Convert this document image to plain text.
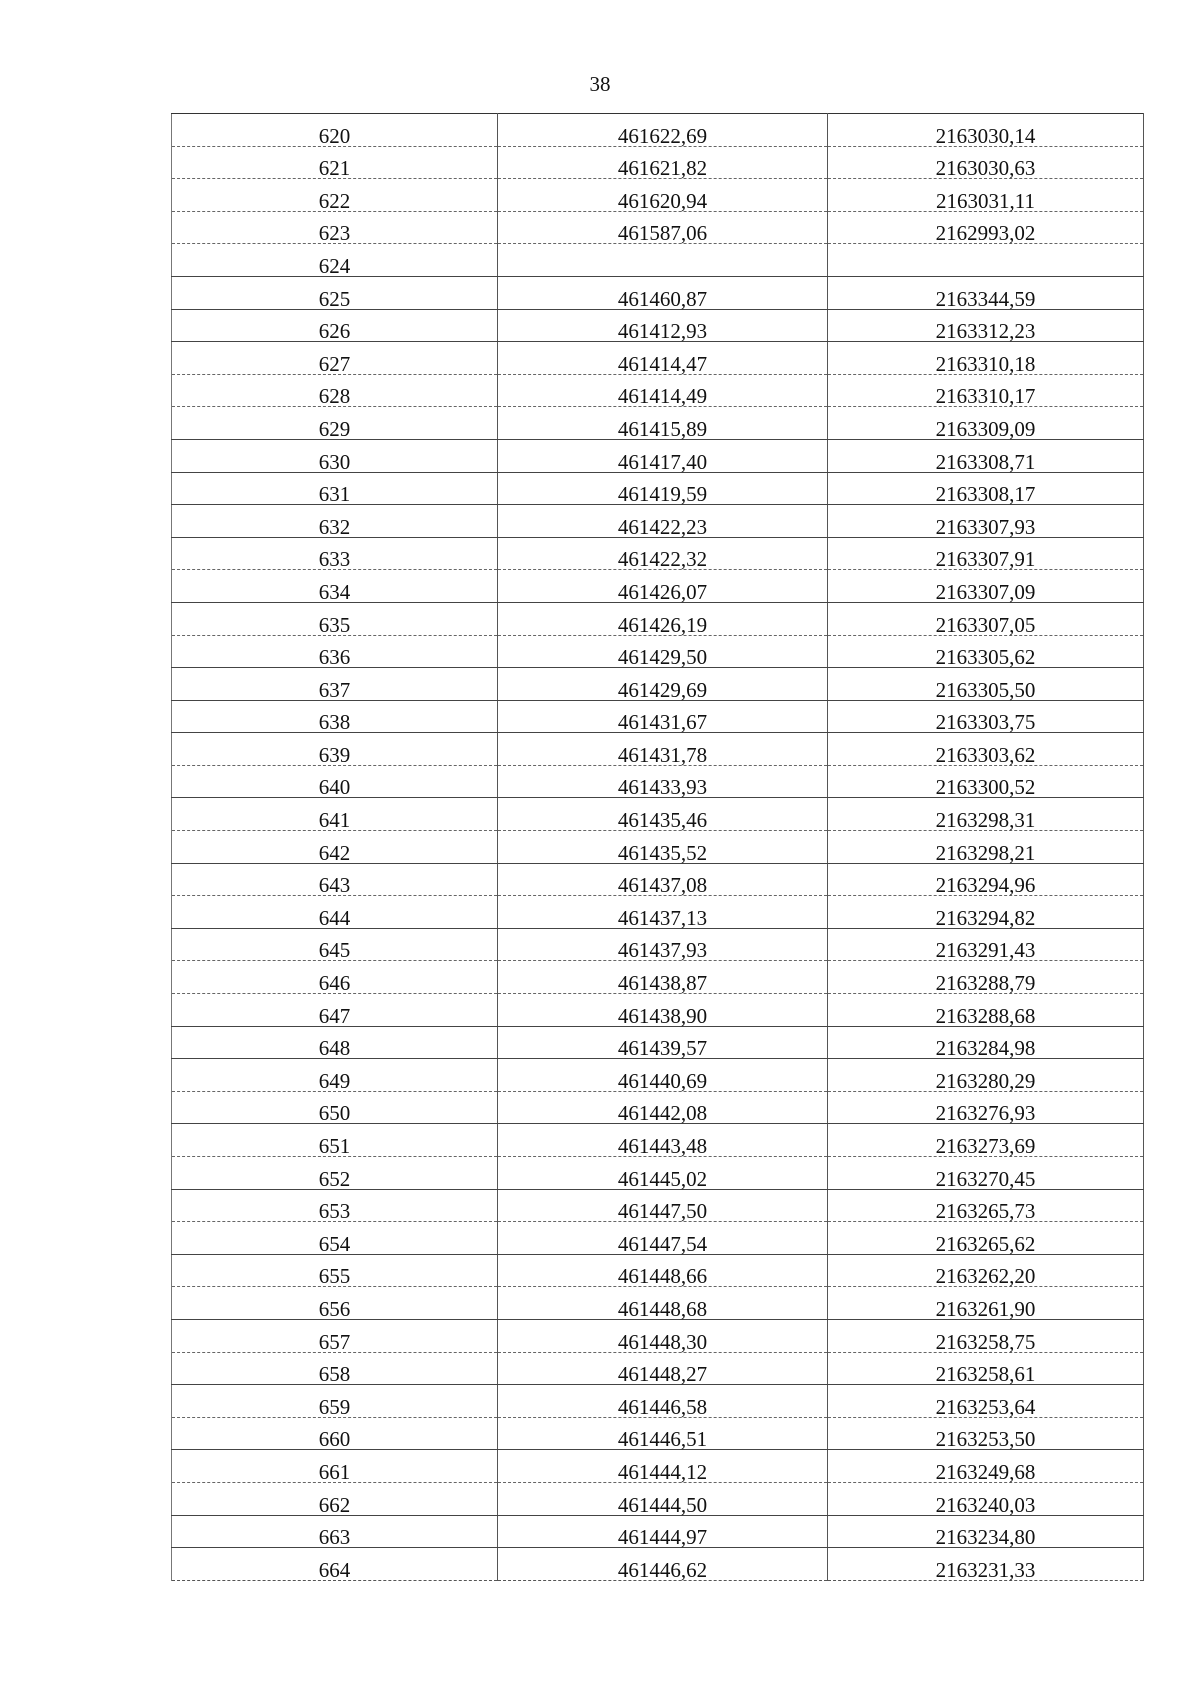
38
620	461622,69	2163030,14
621	461621,82	2163030,63
622	461620,94	2163031,11
623	461587,06	2162993,02
624		
625	461460,87	2163344,59
626	461412,93	2163312,23
627	461414,47	2163310,18
628	461414,49	2163310,17
629	461415,89	2163309,09
630	461417,40	2163308,71
631	461419,59	2163308,17
632	461422,23	2163307,93
633	461422,32	2163307,91
634	461426,07	2163307,09
635	461426,19	2163307,05
636	461429,50	2163305,62
637	461429,69	2163305,50
638	461431,67	2163303,75
639	461431,78	2163303,62
640	461433,93	2163300,52
641	461435,46	2163298,31
642	461435,52	2163298,21
643	461437,08	2163294,96
644	461437,13	2163294,82
645	461437,93	2163291,43
646	461438,87	2163288,79
647	461438,90	2163288,68
648	461439,57	2163284,98
649	461440,69	2163280,29
650	461442,08	2163276,93
651	461443,48	2163273,69
652	461445,02	2163270,45
653	461447,50	2163265,73
654	461447,54	2163265,62
655	461448,66	2163262,20
656	461448,68	2163261,90
657	461448,30	2163258,75
658	461448,27	2163258,61
659	461446,58	2163253,64
660	461446,51	2163253,50
661	461444,12	2163249,68
662	461444,50	2163240,03
663	461444,97	2163234,80
664	461446,62	2163231,33
